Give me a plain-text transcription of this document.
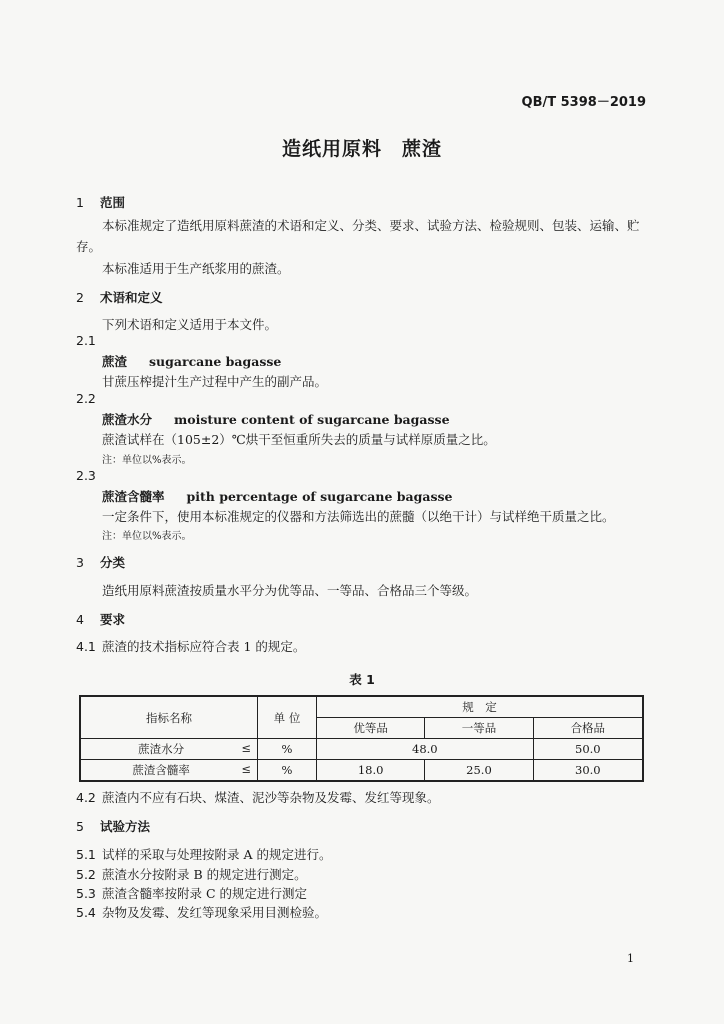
QB/T 5398－2019
造纸用原料　蔗渣
1 范围
本标准规定了造纸用原料蔗渣的术语和定义、分类、要求、试验方法、检验规则、包装、运输、贮存。
本标准适用于生产纸浆用的蔗渣。
2 术语和定义
下列术语和定义适用于本文件。
2.1
蔗渣 sugarcane bagasse
甘蔗压榨提汁生产过程中产生的副产品。
2.2
蔗渣水分 moisture content of sugarcane bagasse
蔗渣试样在（105±2）℃烘干至恒重所失去的质量与试样原质量之比。
注：单位以%表示。
2.3
蔗渣含髓率 pith percentage of sugarcane bagasse
一定条件下，使用本标准规定的仪器和方法筛选出的蔗髓（以绝干计）与试样绝干质量之比。
注：单位以%表示。
3 分类
造纸用原料蔗渣按质量水平分为优等品、一等品、合格品三个等级。
4 要求
4.1 蔗渣的技术指标应符合表 1 的规定。
表 1
指标名称	单 位	规　定		
		优等品	一等品	合格品
蔗渣水分 ≤	%	48.0		50.0
蔗渣含髓率 ≤	%	18.0	25.0	30.0
4.2 蔗渣内不应有石块、煤渣、泥沙等杂物及发霉、发红等现象。
5 试验方法
5.1 试样的采取与处理按附录 A 的规定进行。
5.2 蔗渣水分按附录 B 的规定进行测定。
5.3 蔗渣含髓率按附录 C 的规定进行测定
5.4 杂物及发霉、发红等现象采用目测检验。
1
